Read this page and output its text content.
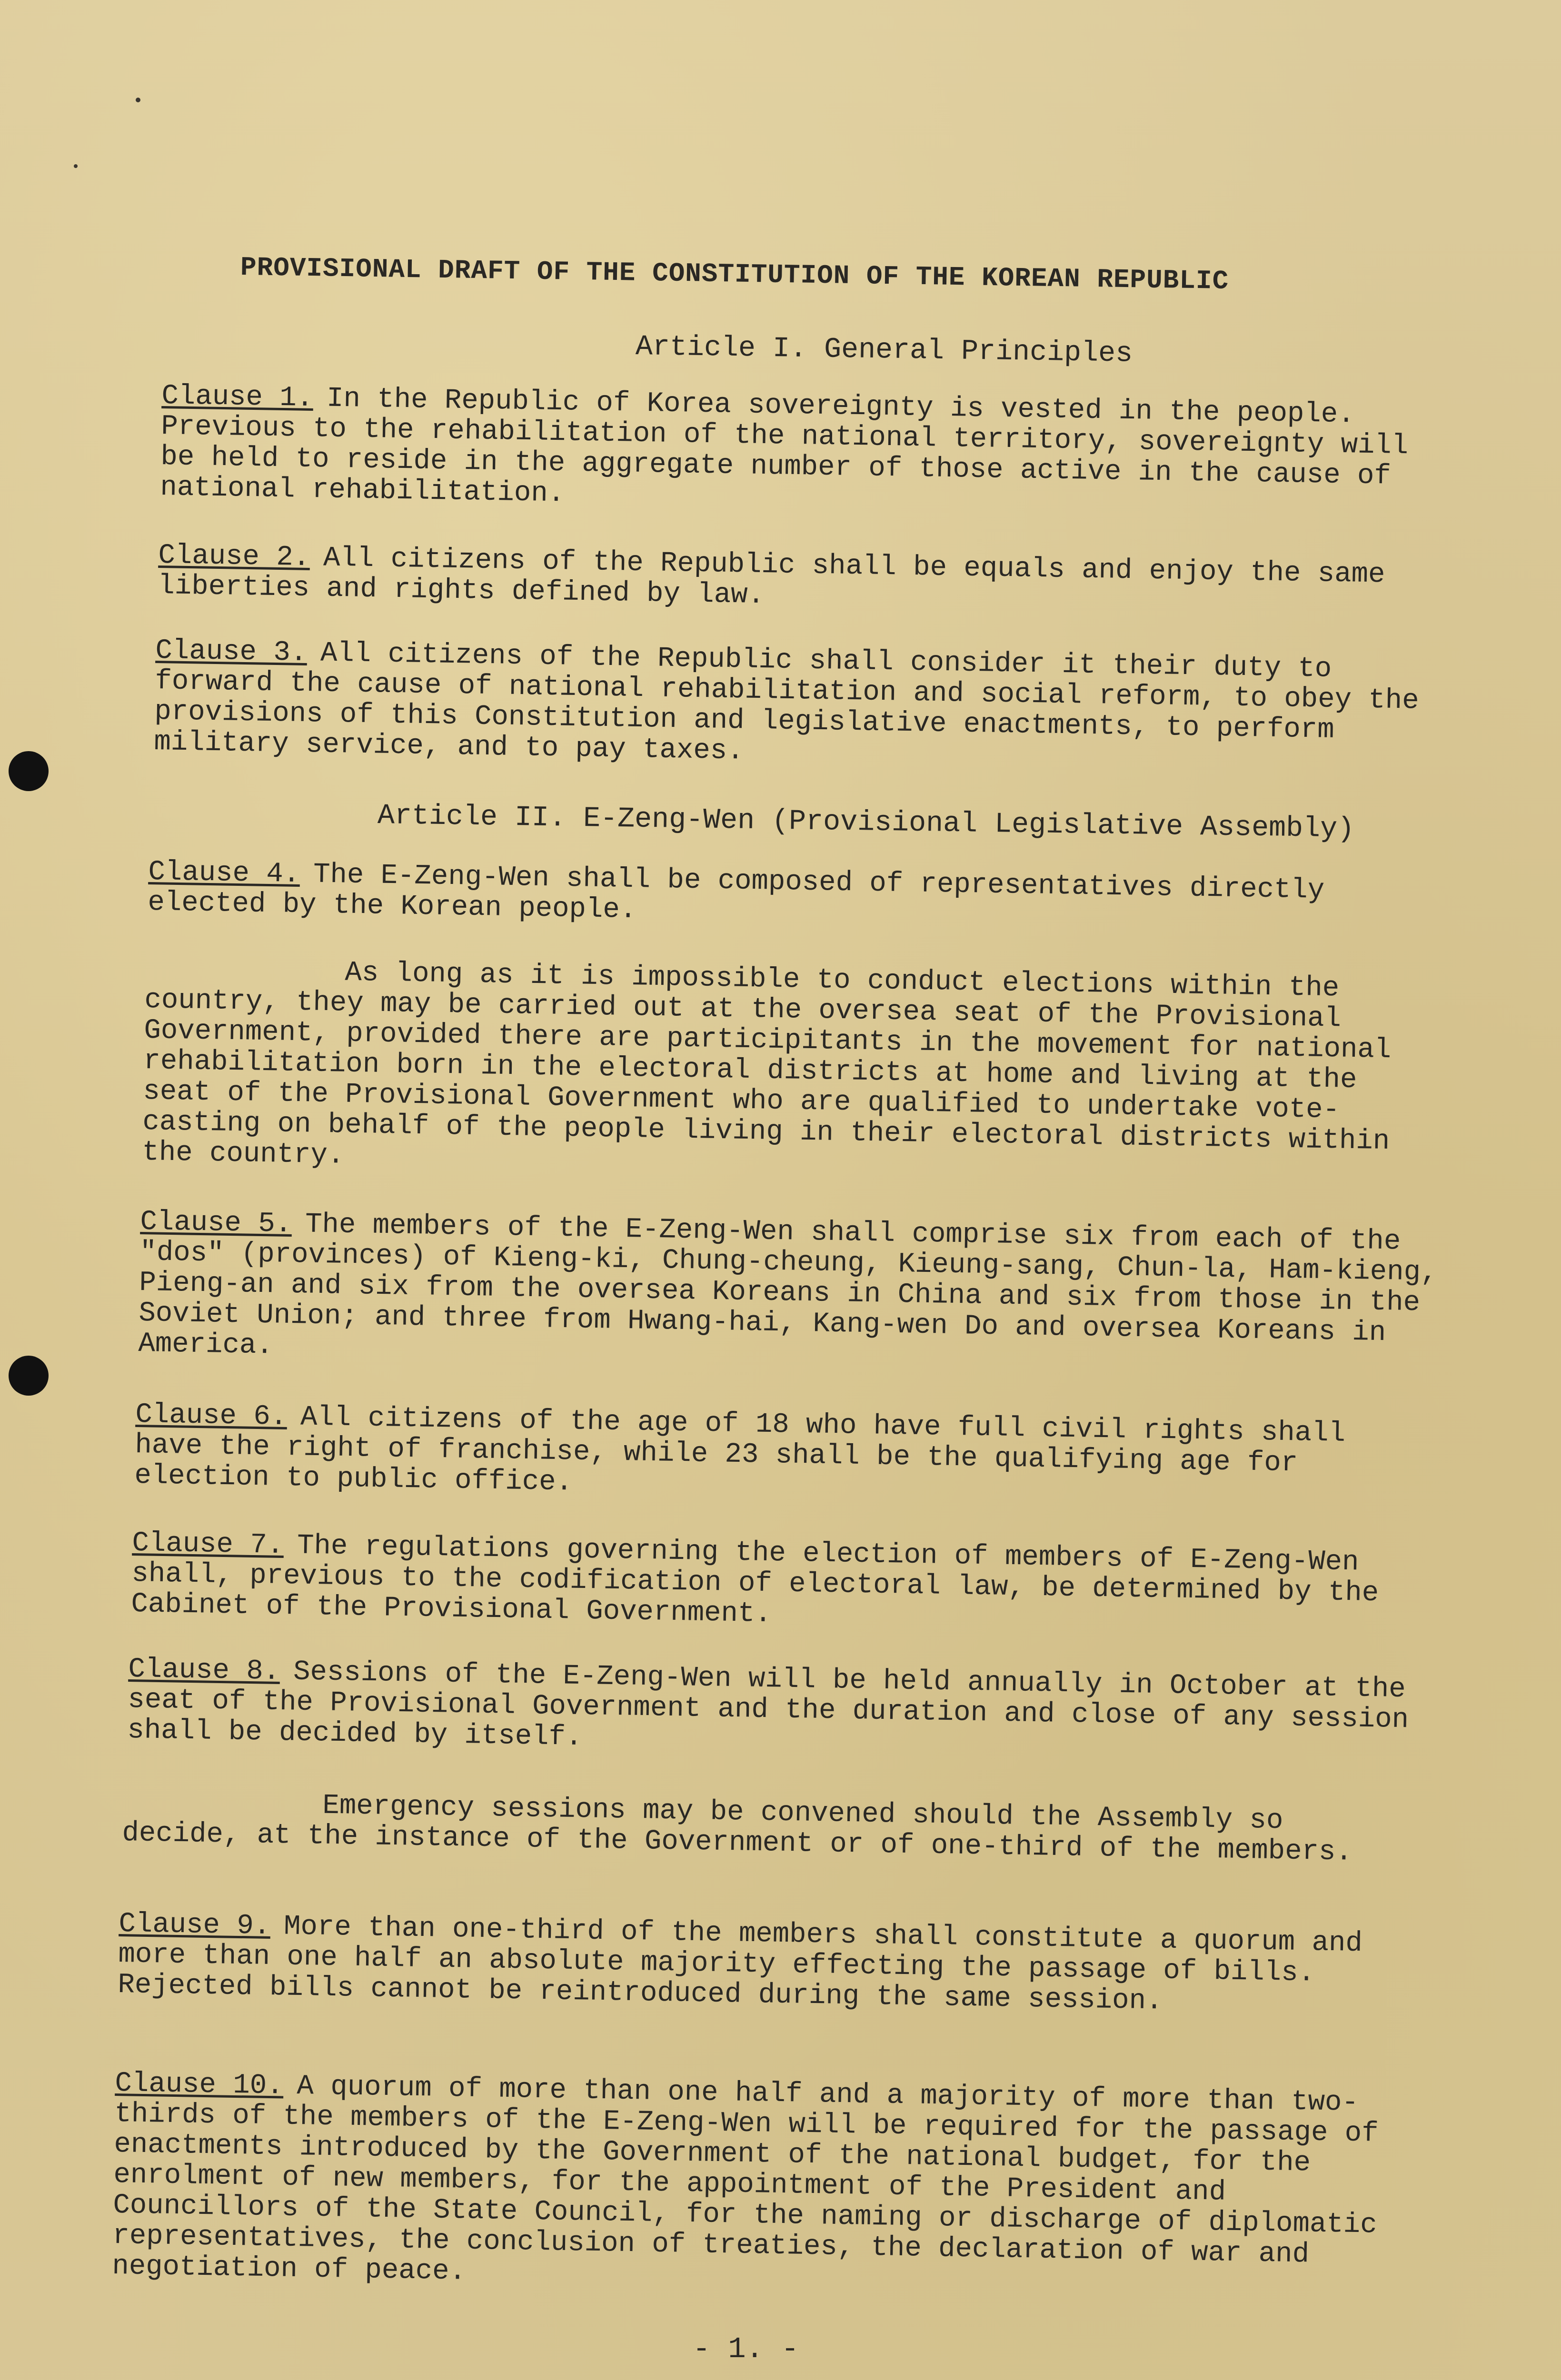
PROVISIONAL DRAFT OF THE CONSTITUTION OF THE KOREAN REPUBLIC
Article I. General Principles
Clause 1. In the Republic of Korea sovereignty is vested in the people. Previous to the rehabilitation of the national territory, sovereignty will be held to reside in the aggregate number of those active in the cause of national rehabilitation.
Clause 2. All citizens of the Republic shall be equals and enjoy the same liberties and rights defined by law.
Clause 3. All citizens of the Republic shall consider it their duty to forward the cause of national rehabilitation and social reform, to obey the provisions of this Constitution and legislative enactments, to perform military service, and to pay taxes.
Article II. E-Zeng-Wen (Provisional Legislative Assembly)
Clause 4. The E-Zeng-Wen shall be composed of representatives directly elected by the Korean people.
As long as it is impossible to conduct elections within the country, they may be carried out at the oversea seat of the Provisional Government, provided there are participitants in the movement for national rehabilitation born in the electoral districts at home and living at the seat of the Provisional Government who are qualified to undertake vote-casting on behalf of the people living in their electoral districts within the country.
Clause 5. The members of the E-Zeng-Wen shall comprise six from each of the "dos" (provinces) of Kieng-ki, Chung-cheung, Kieung-sang, Chun-la, Ham-kieng, Pieng-an and six from the oversea Koreans in China and six from those in the Soviet Union; and three from Hwang-hai, Kang-wen Do and oversea Koreans in America.
Clause 6. All citizens of the age of 18 who have full civil rights shall have the right of franchise, while 23 shall be the qualifying age for election to public office.
Clause 7. The regulations governing the election of members of E-Zeng-Wen shall, previous to the codification of electoral law, be determined by the Cabinet of the Provisional Government.
Clause 8. Sessions of the E-Zeng-Wen will be held annually in October at the seat of the Provisional Government and the duration and close of any session shall be decided by itself.
Emergency sessions may be convened should the Assembly so decide, at the instance of the Government or of one-third of the members.
Clause 9. More than one-third of the members shall constitute a quorum and more than one half an absolute majority effecting the passage of bills. Rejected bills cannot be reintroduced during the same session.
Clause 10. A quorum of more than one half and a majority of more than two-thirds of the members of the E-Zeng-Wen will be required for the passage of enactments introduced by the Government of the national budget, for the enrolment of new members, for the appointment of the President and Councillors of the State Council, for the naming or discharge of diplomatic representatives, the conclusion of treaties, the declaration of war and negotiation of peace.
- 1. -
